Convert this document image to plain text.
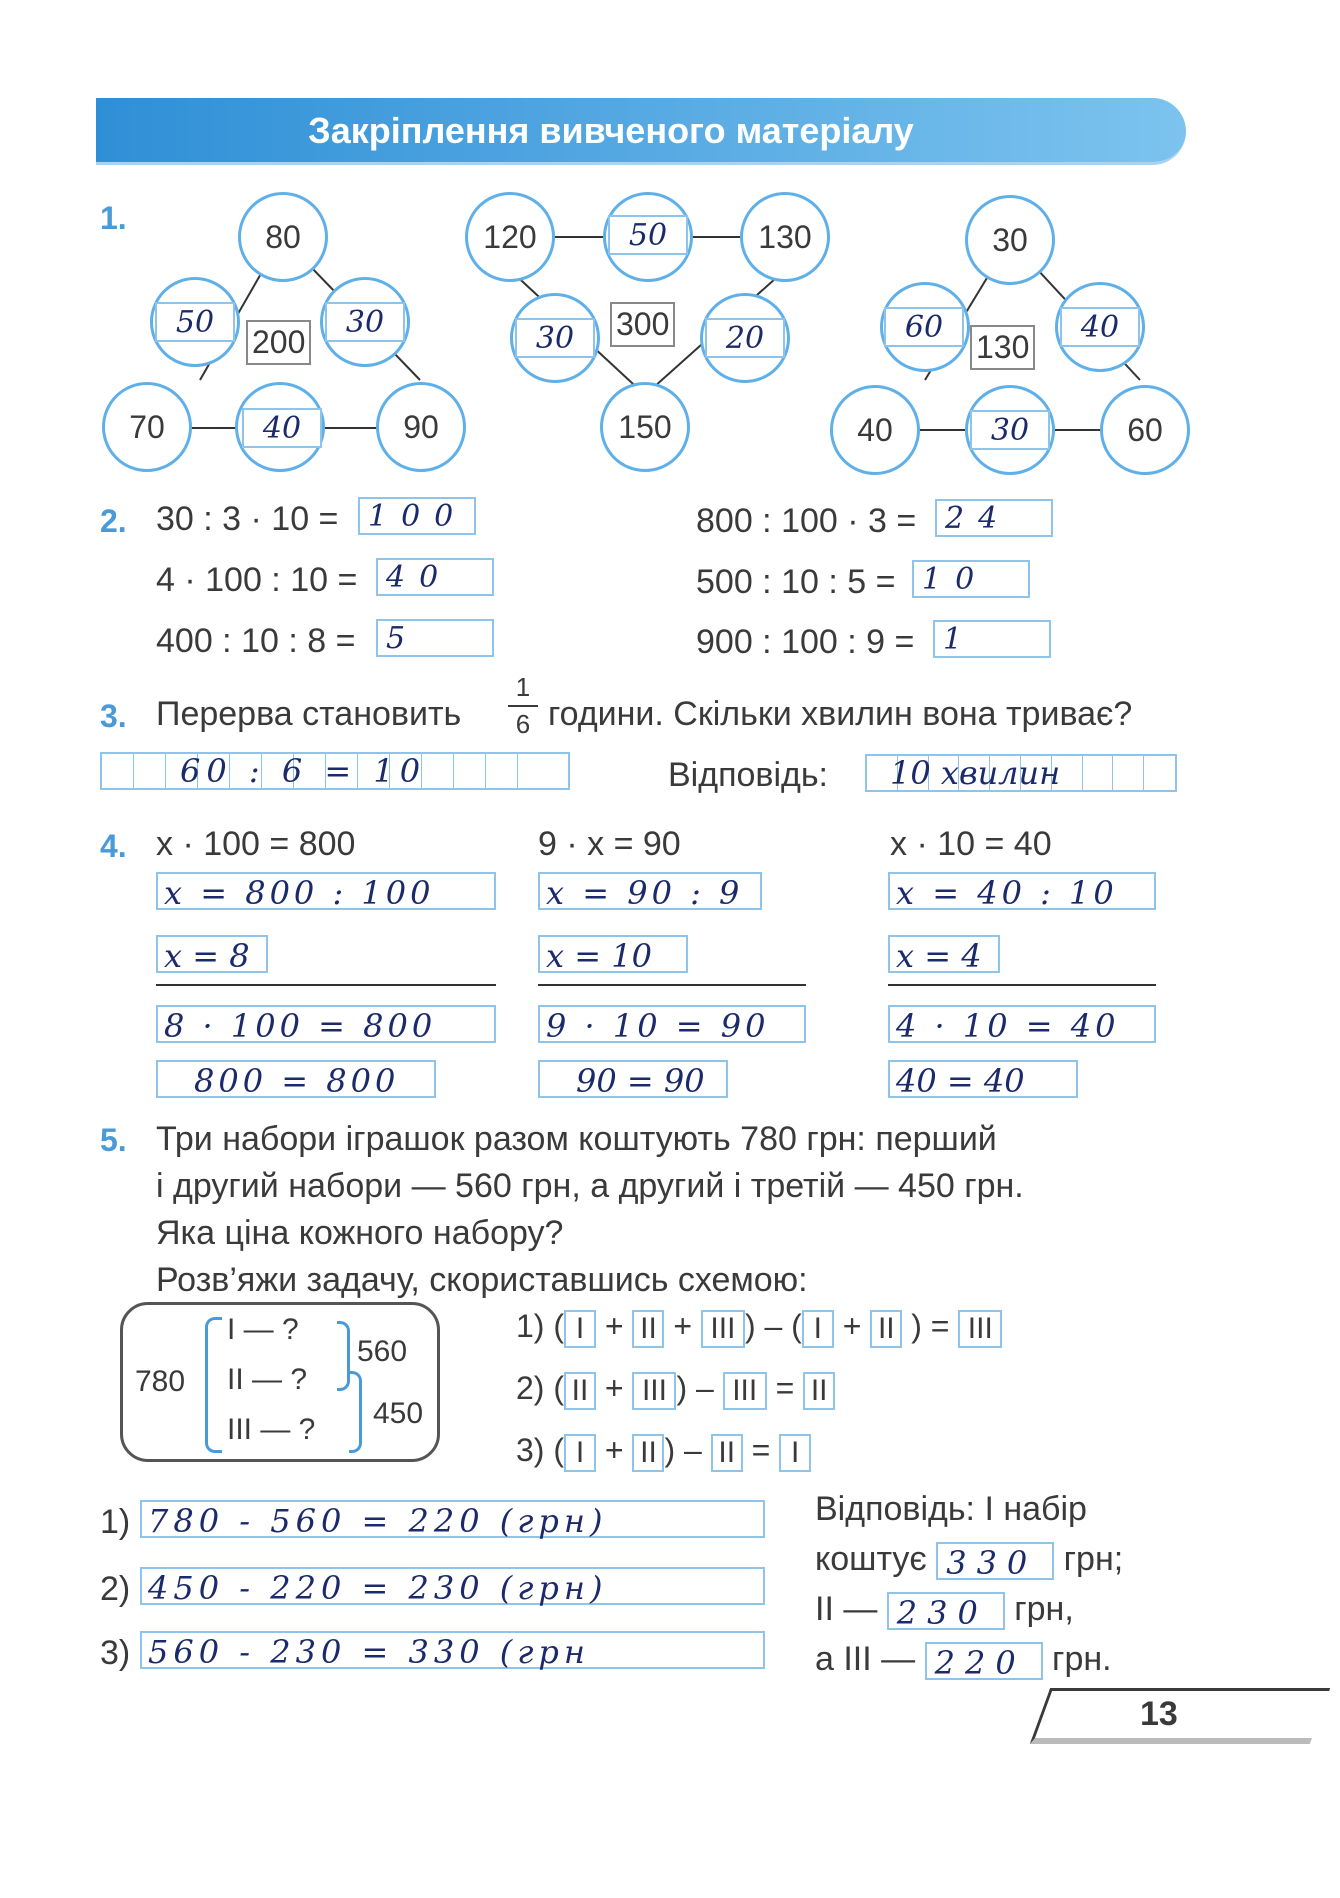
Закріплення вивченого матеріалу
1.
80
70	90
50	30
40
200
120	130
150
50
30	20
300
30
40	60
60	40
30
130
2. 30 : 3 · 10 = 100
4 · 100 : 10 = 40
400 : 10 : 8 = 5
800 : 100 · 3 = 24
500 : 10 : 5 = 10
900 : 100 : 9 = 1
3. Перерва становить
1
6 години. Скільки хвилин вона триває?
60 : 6 = 10	Відповідь: 10 хвилин
4. x · 100 = 800
x = 800 : 100
x = 8
8 · 100 = 800
800 = 800
9 · x = 90
x = 90 : 9
x = 10
9 · 10 = 90
90 = 90
x · 10 = 40
x = 40 : 10
x = 4
4 · 10 = 40
40 = 40
5. Три набори іграшок разом коштують 780 грн: перший
і другий набори — 560 грн, а другий і третій — 450 грн.
Яка ціна кожного набору?
Розв’яжи задачу, скориставшись схемою:
780
I — ?
II — ?
III — ?
560
450
1) ( I + II + III ) – ( I + II ) = III
2) ( II + III ) – III = II
3) ( I + II ) – II = I
1) 780 - 560 = 220 (грн)
2) 450 - 220 = 230 (грн)
3) 560 - 230 = 330 (грн
Відповідь: I набір
коштує 330 грн;
II — 230 грн,
а III — 220 грн.
13
